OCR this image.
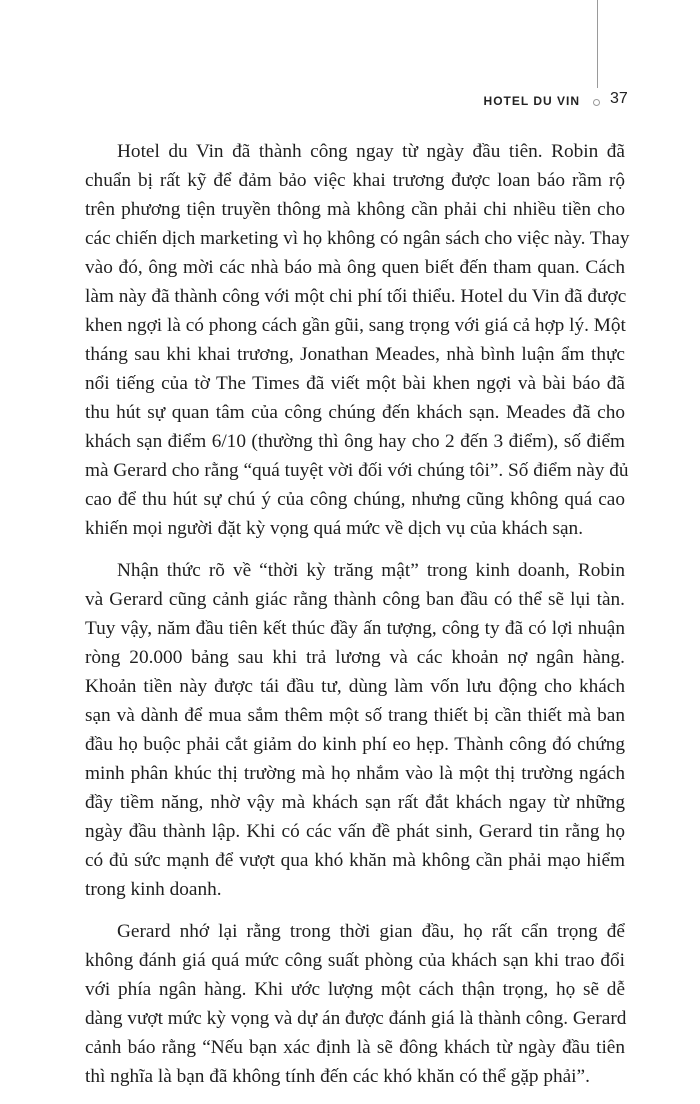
HOTEL DU VIN 37
Hotel du Vin đã thành công ngay từ ngày đầu tiên. Robin đã
chuẩn bị rất kỹ để đảm bảo việc khai trương được loan báo rầm rộ
trên phương tiện truyền thông mà không cần phải chi nhiều tiền cho
các chiến dịch marketing vì họ không có ngân sách cho việc này. Thay
vào đó, ông mời các nhà báo mà ông quen biết đến tham quan. Cách
làm này đã thành công với một chi phí tối thiểu. Hotel du Vin đã được
khen ngợi là có phong cách gần gũi, sang trọng với giá cả hợp lý. Một
tháng sau khi khai trương, Jonathan Meades, nhà bình luận ẩm thực
nổi tiếng của tờ The Times đã viết một bài khen ngợi và bài báo đã
thu hút sự quan tâm của công chúng đến khách sạn. Meades đã cho
khách sạn điểm 6/10 (thường thì ông hay cho 2 đến 3 điểm), số điểm
mà Gerard cho rằng “quá tuyệt vời đối với chúng tôi”. Số điểm này đủ
cao để thu hút sự chú ý của công chúng, nhưng cũng không quá cao
khiến mọi người đặt kỳ vọng quá mức về dịch vụ của khách sạn.
Nhận thức rõ về “thời kỳ trăng mật” trong kinh doanh, Robin
và Gerard cũng cảnh giác rằng thành công ban đầu có thể sẽ lụi tàn.
Tuy vậy, năm đầu tiên kết thúc đầy ấn tượng, công ty đã có lợi nhuận
ròng 20.000 bảng sau khi trả lương và các khoản nợ ngân hàng.
Khoản tiền này được tái đầu tư, dùng làm vốn lưu động cho khách
sạn và dành để mua sắm thêm một số trang thiết bị cần thiết mà ban
đầu họ buộc phải cắt giảm do kinh phí eo hẹp. Thành công đó chứng
minh phân khúc thị trường mà họ nhắm vào là một thị trường ngách
đầy tiềm năng, nhờ vậy mà khách sạn rất đắt khách ngay từ những
ngày đầu thành lập. Khi có các vấn đề phát sinh, Gerard tin rằng họ
có đủ sức mạnh để vượt qua khó khăn mà không cần phải mạo hiểm
trong kinh doanh.
Gerard nhớ lại rằng trong thời gian đầu, họ rất cẩn trọng để
không đánh giá quá mức công suất phòng của khách sạn khi trao đổi
với phía ngân hàng. Khi ước lượng một cách thận trọng, họ sẽ dễ
dàng vượt mức kỳ vọng và dự án được đánh giá là thành công. Gerard
cảnh báo rằng “Nếu bạn xác định là sẽ đông khách từ ngày đầu tiên
thì nghĩa là bạn đã không tính đến các khó khăn có thể gặp phải”.
